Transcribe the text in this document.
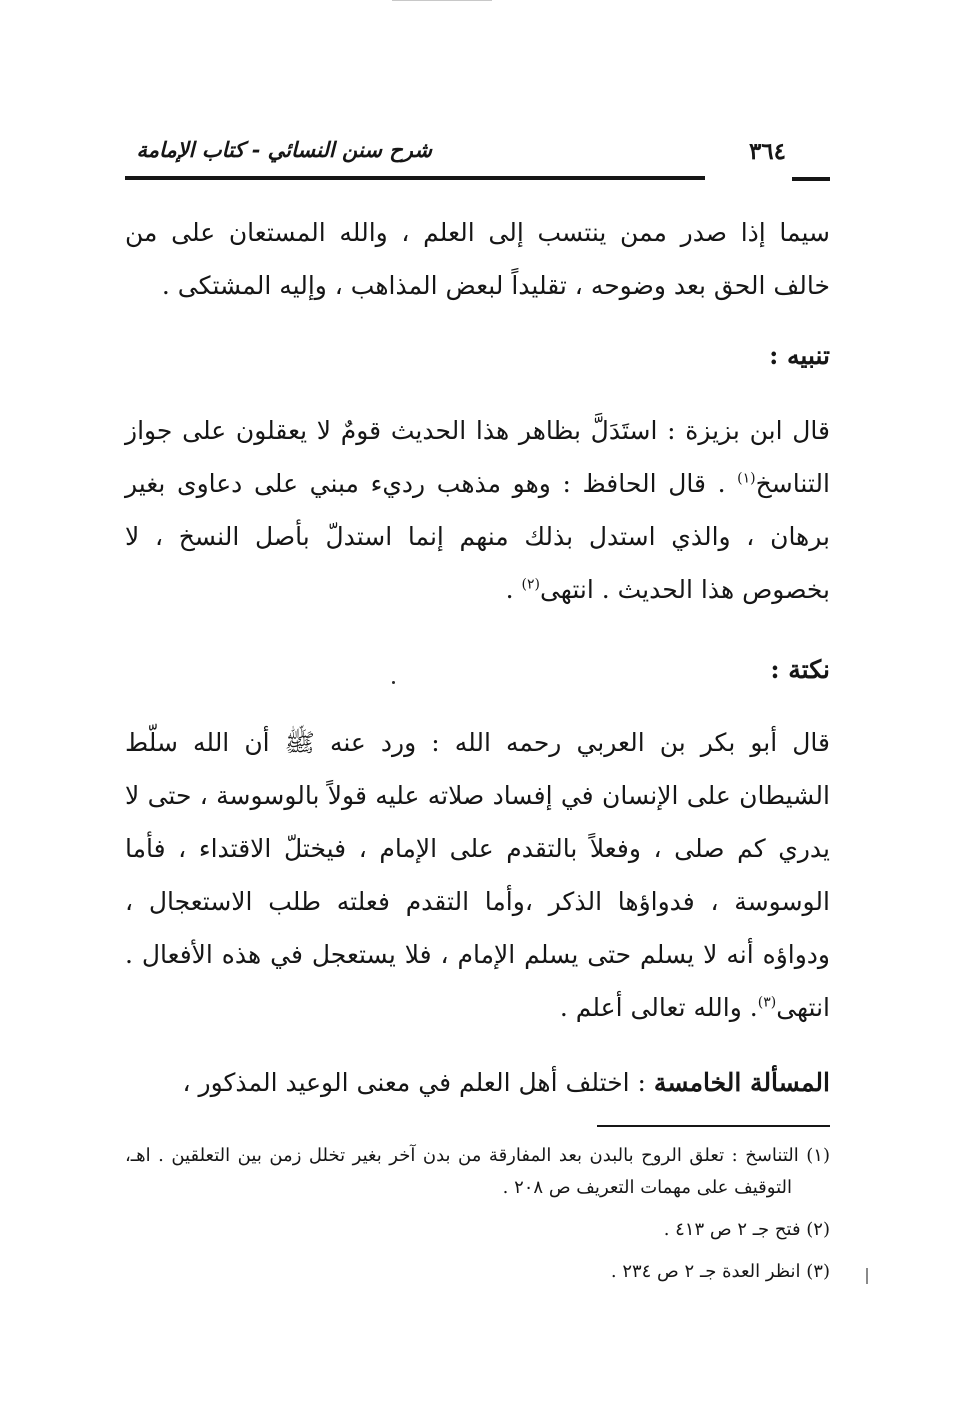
شرح سنن النسائي - كتاب الإمامة	٣٦٤

سيما إذا صدر ممن ينتسب إلى العلم ، والله المستعان على من خالف الحق بعد وضوحه ، تقليداً لبعض المذاهب ، وإليه المشتكى .

تنبيه :

قال ابن بزيزة : استَدَلَّ بظاهر هذا الحديث قومٌ لا يعقلون على جواز التناسخ$^{(١)}$ . قال الحافظ : وهو مذهب رديء مبني على دعاوى بغير برهان ، والذي استدل بذلك منهم إنما استدلّ بأصل النسخ ، لا بخصوص هذا الحديث . انتهى$^{(٢)}$ .

نكتة :

قال أبو بكر بن العربي رحمه الله : ورد عنه ﷺ أن الله سلّط الشيطان على الإنسان في إفساد صلاته عليه قولاً بالوسوسة ، حتى لا يدري كم صلى ، وفعلاً بالتقدم على الإمام ، فيختلّ الاقتداء ، فأما الوسوسة ، فدواؤها الذكر ،وأما التقدم فعلته طلب الاستعجال ، ودواؤه أنه لا يسلم حتى يسلم الإمام ، فلا يستعجل في هذه الأفعال . انتهى$^{(٣)}$. والله تعالى أعلم .

المسألة الخامسة : اختلف أهل العلم في معنى الوعيد المذكور ،

(١) التناسخ : تعلق الروح بالبدن بعد المفارقة من بدن آخر بغير تخلل زمن بين التعلقين . اهـ، التوقيف على مهمات التعريف ص ٢٠٨ .

(٢) فتح جـ ٢ ص ٤١٣ .

(٣) انظر العدة جـ ٢ ص ٢٣٤ .
